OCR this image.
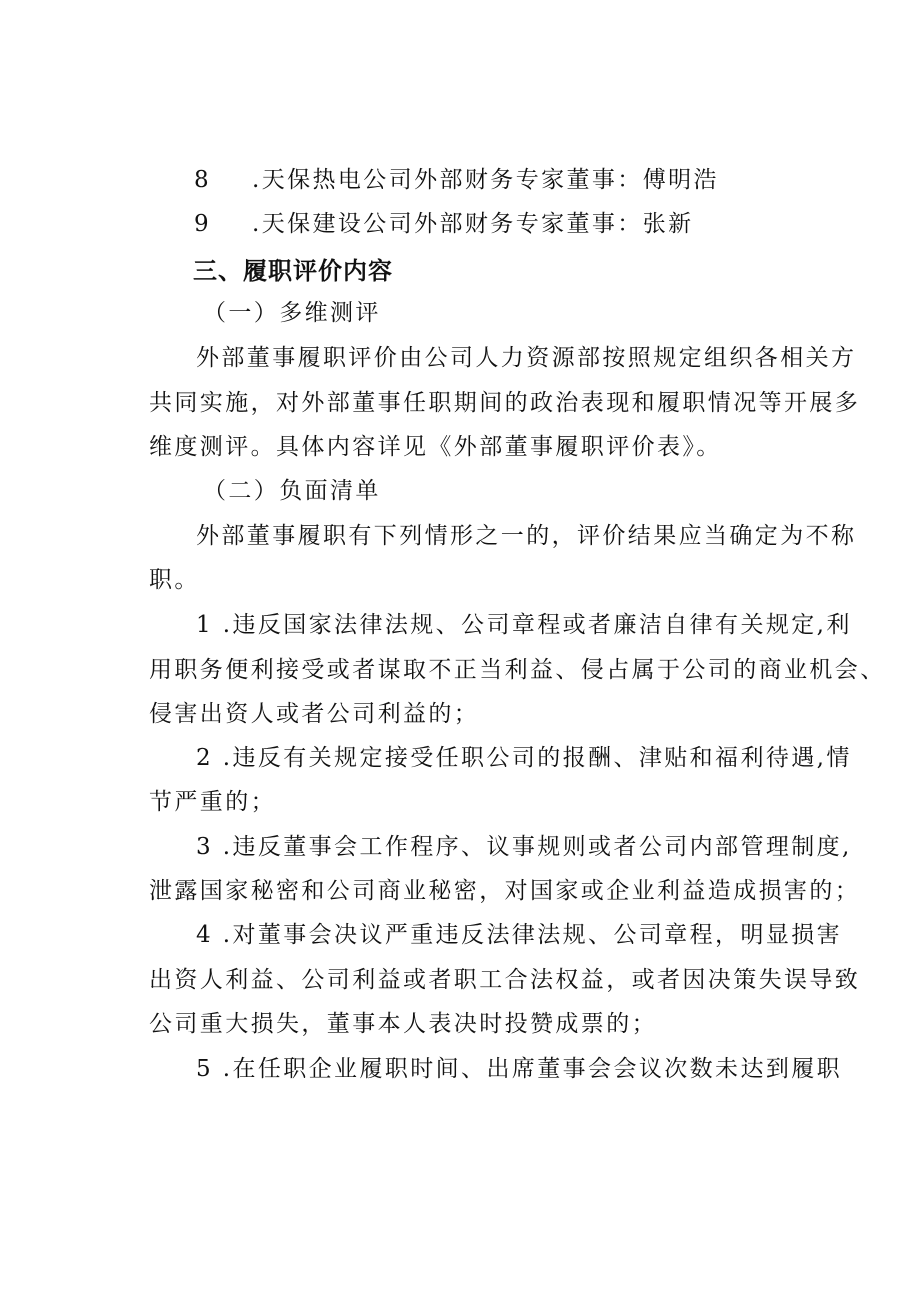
8 .天保热电公司外部财务专家董事：傅明浩
9 .天保建设公司外部财务专家董事：张新
三、履职评价内容
（一）多维测评
外部董事履职评价由公司人力资源部按照规定组织各相关方
共同实施，对外部董事任职期间的政治表现和履职情况等开展多
维度测评。具体内容详见《外部董事履职评价表》。
（二）负面清单
外部董事履职有下列情形之一的，评价结果应当确定为不称
职。
1 .违反国家法律法规、公司章程或者廉洁自律有关规定,利
用职务便利接受或者谋取不正当利益、侵占属于公司的商业机会、
侵害出资人或者公司利益的；
2 .违反有关规定接受任职公司的报酬、津贴和福利待遇,情
节严重的；
3 .违反董事会工作程序、议事规则或者公司内部管理制度,
泄露国家秘密和公司商业秘密，对国家或企业利益造成损害的；
4 .对董事会决议严重违反法律法规、公司章程，明显损害
出资人利益、公司利益或者职工合法权益，或者因决策失误导致
公司重大损失，董事本人表决时投赞成票的；
5 .在任职企业履职时间、出席董事会会议次数未达到履职
